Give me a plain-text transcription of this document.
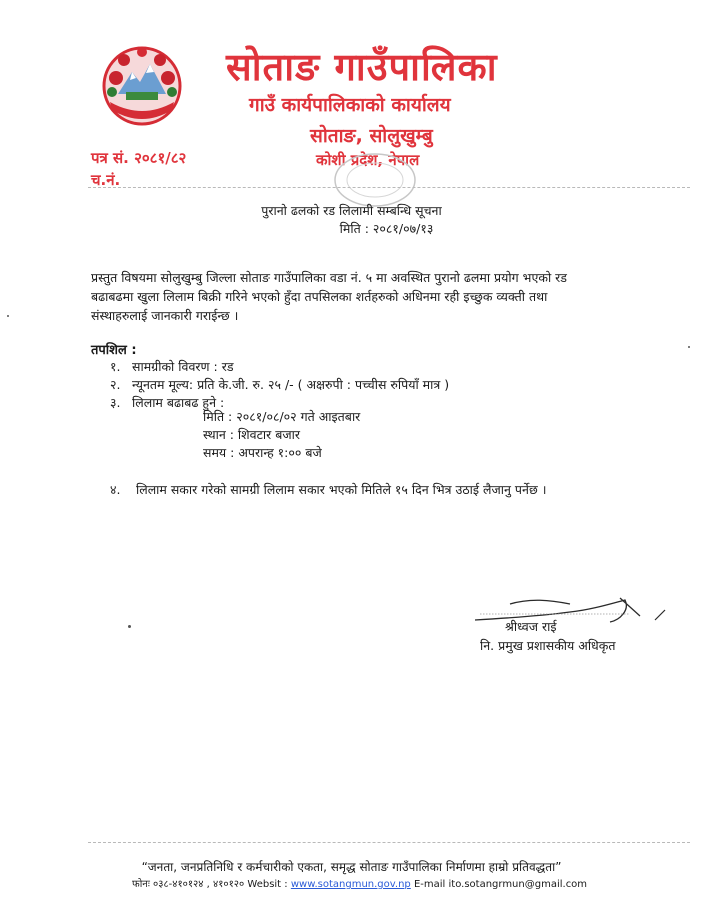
सोताङ गाउँपालिका
गाउँ कार्यपालिकाको कार्यालय
सोताङ, सोलुखुम्बु
कोशी प्रदेश, नेपाल
पत्र सं. २०८१/८२
च.नं.
पुरानो ढलको रड लिलामी सम्बन्धि सूचना
मिति : २०८१/०७/१३
प्रस्तुत विषयमा सोलुखुम्बु जिल्ला सोताङ गाउँपालिका वडा नं. ५ मा अवस्थित पुरानो ढलमा प्रयोग भएको रड
बढाबढमा खुला लिलाम बिक्री गरिने भएको हुँदा तपसिलका शर्तहरुको अधिनमा रही इच्छुक व्यक्ती तथा
संस्थाहरुलाई जानकारी गराईन्छ ।
तपशिल :
१. सामग्रीको विवरण : रड
२. न्यूनतम मूल्य: प्रति के.जी. रु. २५ /- ( अक्षरुपी : पच्चीस रुपियाँ मात्र )
३. लिलाम बढाबढ हुने :
मिति : २०८१/०८/०२ गते आइतबार
स्थान : शिवटार बजार
समय : अपरान्ह १:०० बजे
४. लिलाम सकार गरेको सामग्री लिलाम सकार भएको मितिले १५ दिन भित्र उठाई लैजानु पर्नेछ ।
श्रीध्वज राई
नि. प्रमुख प्रशासकीय अधिकृत
“जनता, जनप्रतिनिधि र कर्मचारीको एकता, समृद्ध सोताङ गाउँपालिका निर्माणमा हाम्रो प्रतिवद्धता”
फोनः ०३८-४१०१२४ , ४१०१२० Websit : www.sotangmun.gov.np E-mail ito.sotangrmun@gmail.com
